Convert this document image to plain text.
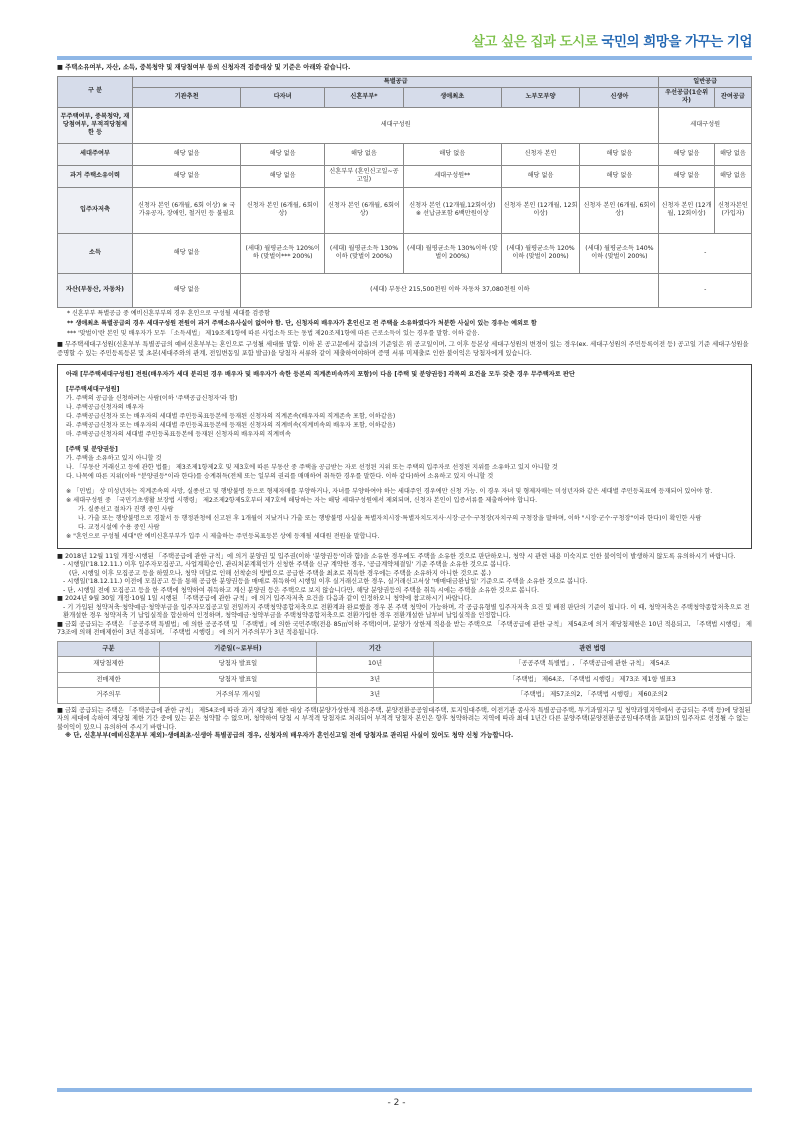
살고 싶은 집과 도시로 국민의 희망을 가꾸는 기업

■ 주택소유여부, 자산, 소득, 중복청약 및 재당첨여부 등의 신청자격 검증대상 및 기준은 아래와 같습니다.

구 분	특별공급						일반공급	
	기관추천	다자녀	신혼부부*	생애최초	노부모부양	신생아	우선공급(1순위자)	잔여공급
무주택여부, 중복청약, 재당첨여부, 부적격당첨제한 등	세대구성원						세대구성원	
세대주여부	해당 없음	해당 없음	해당 없음	해당 없음	신청자 본인	해당 없음	해당 없음	해당 없음
과거 주택소유이력	해당 없음	해당 없음	신혼부부 (혼인신고일~공고일)	세대구성원**	해당 없음	해당 없음	해당 없음	해당 없음
입주자저축	신청자 본인 (6개월, 6회 이상) ※ 국가유공자, 장애인, 철거민 등 불필요	신청자 본인 (6개월, 6회이상)	신청자 본인 (6개월, 6회이상)	신청자 본인 (12개월,12회이상) ※ 선납금포함 6백만원이상	신청자 본인 (12개월, 12회이상)	신청자 본인 (6개월, 6회이상)	신청자 본인 (12개월, 12회이상)	신청자본인 (가입자)
소득	해당 없음	(세대) 월평균소득 120%이하 (맞벌이*** 200%)	(세대) 월평균소득 130%이하 (맞벌이 200%)	(세대) 월평균소득 130%이하 (맞벌이 200%)	(세대) 월평균소득 120%이하 (맞벌이 200%)	(세대) 월평균소득 140%이하 (맞벌이 200%)	-	
자산(부동산, 자동차)	해당 없음	(세대) 부동산 215,500천원 이하 자동차 37,080천원 이하					-	

* 신혼부부 특별공급 중 예비신혼부부의 경우 혼인으로 구성될 세대를 검증함

** 생애최초 특별공급의 경우 세대구성원 전원이 과거 주택소유사실이 없어야 함. 단, 신청자의 배우자가 혼인신고 전 주택을 소유하였다가 처분한 사실이 있는 경우는 예외로 함

*** '맞벌이'란 본인 및 배우자가 모두 「소득세법」 제19조제1항에 따른 사업소득 또는 동법 제20조제1항에 따른 근로소득이 있는 경우를 말함. 이하 같음.

■ 무주택세대구성원(신혼부부 특별공급의 예비신혼부부는 혼인으로 구성될 세대를 말함. 이하 본 공고문에서 같음)의 기준일은 위 공고일이며, 그 이후 등본상 세대구성원의 변경이 있는 경우(ex. 세대구성원의 주민등록이전 등) 공고일 기준 세대구성원을 증명할 수 있는 주민등록등본 및 초본(세대주와의 관계, 전입변동일 포함 발급)을 당첨자 서류와 같이 제출하여야하며 증명 서류 미제출로 인한 불이익은 당첨자에게 있습니다.

아래 [무주택세대구성원] 전원(배우자가 세대 분리된 경우 배우자 및 배우자가 속한 등본의 직계존비속까지 포함)이 다음 [주택 및 분양권등] 각목의 요건을 모두 갖춘 경우 무주택자로 판단

[무주택세대구성원]

가. 주택의 공급을 신청하려는 사람(이하 '주택공급신청자'라 함)

나. 주택공급신청자의 배우자

다. 주택공급신청자 또는 배우자의 세대별 주민등록표등본에 등재된 신청자의 직계존속(배우자의 직계존속 포함, 이하같음)

라. 주택공급신청자 또는 배우자의 세대별 주민등록표등본에 등재된 신청자의 직계비속(직계비속의 배우자 포함, 이하같음)

마. 주택공급신청자의 세대별 주민등록표등본에 등재된 신청자의 배우자의 직계비속

[주택 및 분양권등]

가. 주택을 소유하고 있지 아니할 것

나. 「부동산 거래신고 등에 관한 법률」 제3조제1항제2호 및 제3호에 따른 부동산 중 주택을 공급받는 자로 선정된 지위 또는 주택의 입주자로 선정된 지위를 소유하고 있지 아니할 것

다. 나목에 따른 지위(이하 "분양권등"이라 한다)를 승계취득(전체 또는 일부의 권리를 매매하여 취득한 경우를 말한다. 이하 같다)하여 소유하고 있지 아니할 것

※ 「민법」 상 미성년자는 직계존속의 사망, 실종선고 및 행방불명 등으로 형제자매를 부양하거나, 자녀를 부양하여야 하는 세대주인 경우에만 신청 가능. 이 경우 자녀 및 형제자매는 미성년자와 같은 세대별 주민등록표에 등재되어 있어야 함.

※ 세대구성원 중 「국민기초생활 보장법 시행령」 제2조제2항제5호부터 제7호에 해당하는 자는 해당 세대구성원에서 제외되며, 신청자 본인이 입증서류를 제출하여야 합니다.

가. 실종선고 절차가 진행 중인 사람

나. 가출 또는 행방불명으로 경찰서 등 행정관청에 신고된 후 1개월이 지났거나 가출 또는 행방불명 사실을 특별자치시장·특별자치도지사·시장·군수·구청장(자치구의 구청장을 말하며, 이하 "시장·군수·구청장"이라 한다)이 확인한 사람

다. 교정시설에 수용 중인 사람

※ "혼인으로 구성될 세대"란 예비신혼부부가 입주 시 제출하는 주민등록표등본 상에 등재될 세대원 전원을 말합니다.

■ 2018년 12월 11일 개정·시행된 「주택공급에 관한 규칙」에 의거 분양권 및 입주권(이하 '분양권등'이라 함)을 소유한 경우에도 주택을 소유한 것으로 판단하오니, 청약 시 관련 내용 미숙지로 인한 불이익이 발생하지 않도록 유의하시기 바랍니다.

- 시행일('18.12.11.) 이후 입주자모집공고, 사업계획승인, 관리처분계획인가 신청한 주택을 신규 계약한 경우, '공급계약체결일' 기준 주택을 소유한 것으로 봅니다.

(단, 시행일 이후 모집공고 등을 하였으나, 청약 미달로 인해 선착순의 방법으로 공급한 주택을 최초로 취득한 경우에는 주택을 소유하지 아니한 것으로 봄.)

- 시행일('18.12.11.) 이전에 모집공고 등을 통해 공급한 분양권등을 매매로 취득하여 시행일 이후 실거래신고한 경우, 실거래신고서상 '매매대금완납일' 기준으로 주택을 소유한 것으로 봅니다.

- 단, 시행일 전에 모집공고 등을 한 주택에 청약하여 취득하고 계신 분양권 등은 주택으로 보지 않습니다만, 해당 분양권등의 주택을 취득 시에는 주택을 소유한 것으로 봅니다.

■ 2024년 9월 30일 개정·10월 1일 시행된 「주택공급에 관한 규칙」에 의거 입주자저축 요건을 다음과 같이 인정하오니 청약에 참고하시기 바랍니다.

- 기 가입된 청약저축·청약예금·청약부금을 입주자모집공고일 전일까지 주택청약종합저축으로 전환계좌 완료했을 경우 본 주택 청약이 가능하며, 각 공급유형별 입주자저축 요건 및 배점 판단의 기준이 됩니다. 이 때, 청약저축은 주택청약종합저축으로 전환개설한 경우 청약저축 기 납입실적을 합산하여 인정하며, 청약예금·청약부금을 주택청약종합저축으로 전환가입한 경우 전환개설한 납부비 납입실적을 인정합니다.

■ 금회 공급되는 주택은 「공공주택 특별법」에 의한 공공주택 및 「주택법」에 의한 국민주택(전용 85㎡이하 주택)이며, 분양가 상한제 적용을 받는 주택으로 「주택공급에 관한 규칙」 제54조에 의거 재당첨제한은 10년 적용되고, 「주택법 시행령」 제73조에 의해 전매제한이 3년 적용되며, 「주택법 시행령」 에 의거 거주의무가 3년 적용됩니다.

구분	기준일(~로부터)	기간	관련 법령
재당첨제한	당첨자 발표일	10년	「공공주택 특별법」, 「주택공급에 관한 규칙」 제54조
전매제한	당첨자 발표일	3년	「주택법」 제64조, 「주택법 시행령」 제73조 제1항 별표3
거주의무	거주의무 개시일	3년	「주택법」 제57조의2, 「주택법 시행령」 제60조의2

■ 금회 공급되는 주택은 「주택공급에 관한 규칙」 제54조에 따라 과거 재당첨 제한 대상 주택(분양가상한제 적용주택, 분양전환공공임대주택, 토지임대주택, 이전기관 종사자 특별공급주택, 투기과열지구 및 청약과열지역에서 공급되는 주택 등)에 당첨된 자의 세대에 속하여 재당첨 제한 기간 중에 있는 분은 청약할 수 없으며, 청약하여 당첨 시 부적격 당첨자로 처리되어 부적격 당첨자 본인은 향후 청약하려는 지역에 따라 최대 1년간 다른 분양주택(분양전환공공임대주택을 포함)의 입주자로 선정될 수 없는 불이익이 있으니 유의하여 주시기 바랍니다.

※ 단, 신혼부부(예비신혼부부 제외)·생애최초·신생아 특별공급의 경우, 신청자의 배우자가 혼인신고일 전에 당첨자로 관리된 사실이 있어도 청약 신청 가능합니다.

- 2 -
